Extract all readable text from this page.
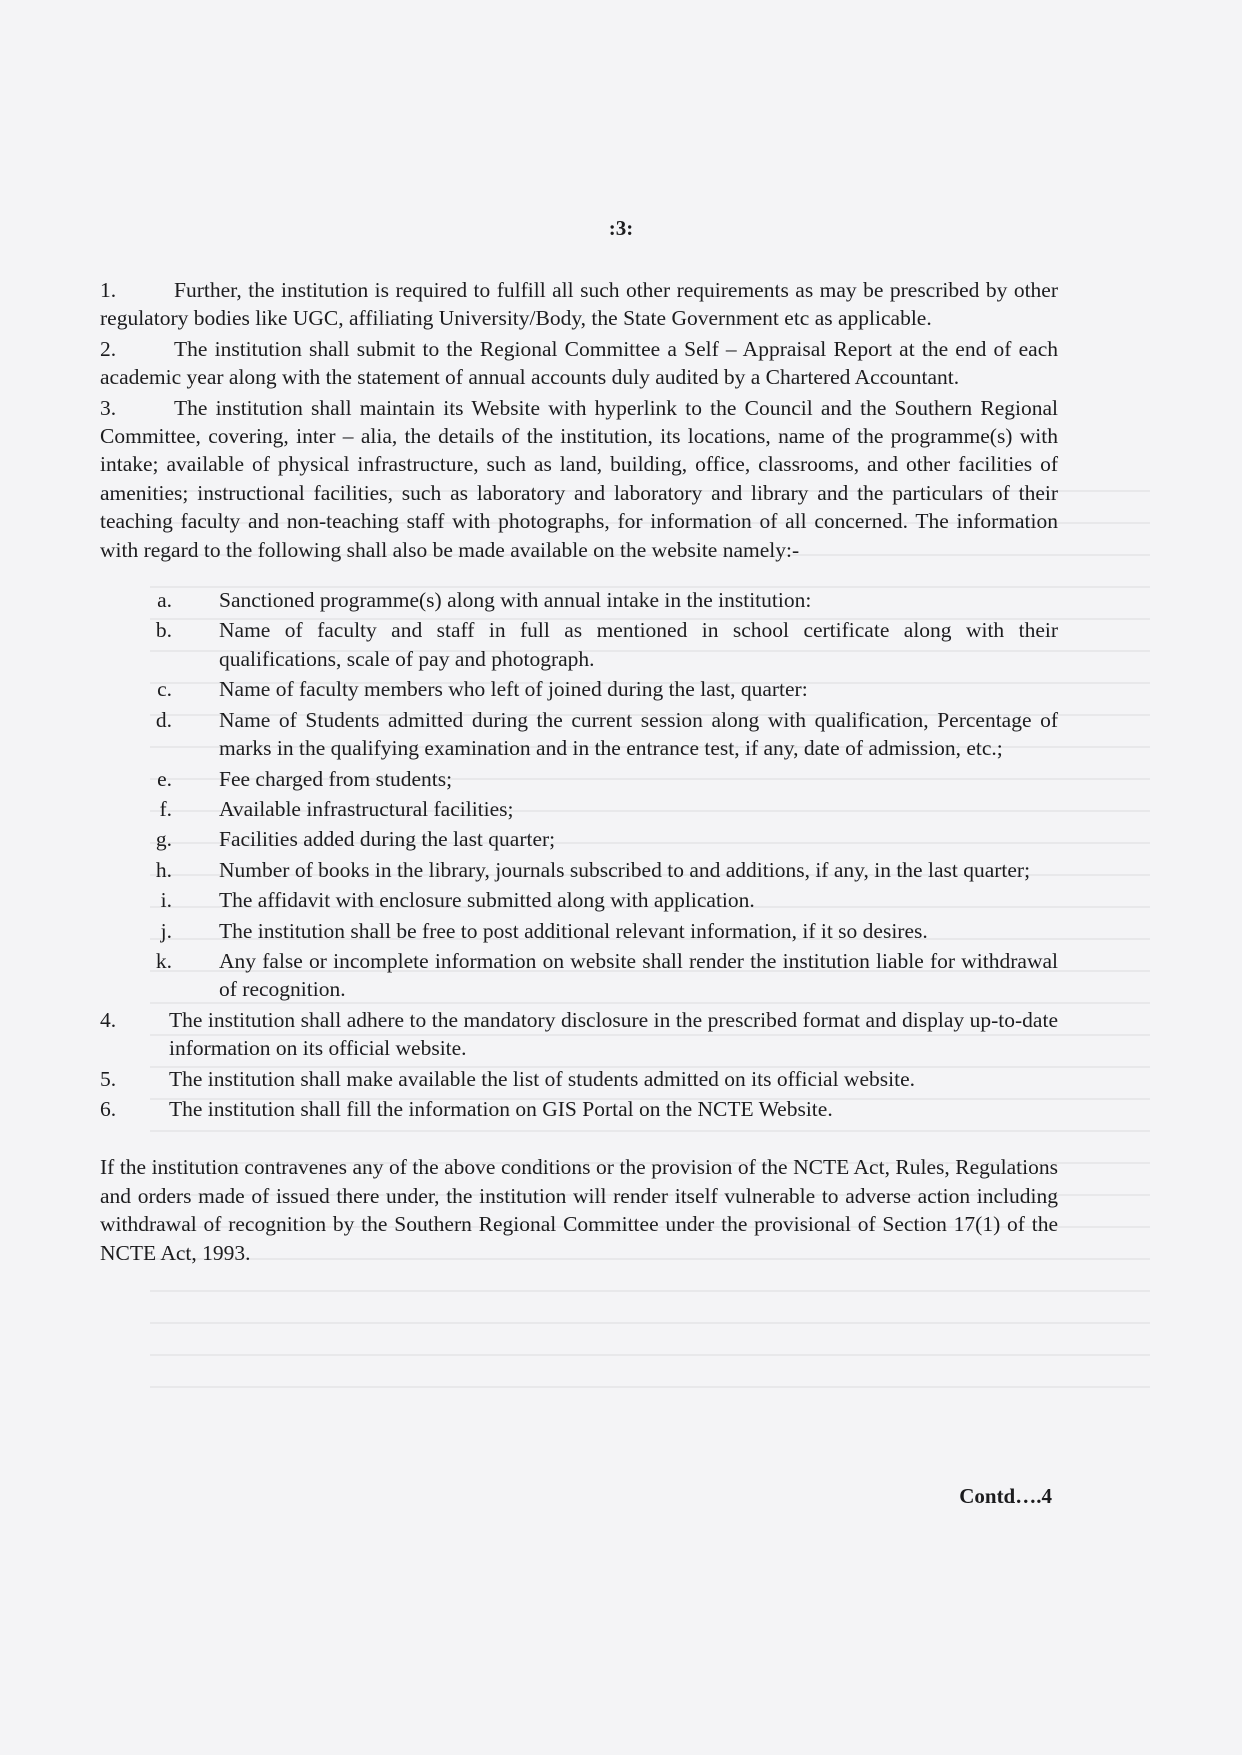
:3:

1.	Further, the institution is required to fulfill all such other requirements as may be prescribed by other regulatory bodies like UGC, affiliating University/Body, the State Government etc as applicable.

2.	The institution shall submit to the Regional Committee a Self – Appraisal Report at the end of each academic year along with the statement of annual accounts duly audited by a Chartered Accountant.

3.	The institution shall maintain its Website with hyperlink to the Council and the Southern Regional Committee, covering, inter – alia, the details of the institution, its locations, name of the programme(s) with intake; available of physical infrastructure, such as land, building, office, classrooms, and other facilities of amenities; instructional facilities, such as laboratory and laboratory and library and the particulars of their teaching faculty and non-teaching staff with photographs, for information of all concerned. The information with regard to the following shall also be made available on the website namely:-

a. Sanctioned programme(s) along with annual intake in the institution:
b. Name of faculty and staff in full as mentioned in school certificate along with their qualifications, scale of pay and photograph.
c. Name of faculty members who left of joined during the last, quarter:
d. Name of Students admitted during the current session along with qualification, Percentage of marks in the qualifying examination and in the entrance test, if any, date of admission, etc.;
e. Fee charged from students;
f. Available infrastructural facilities;
g. Facilities added during the last quarter;
h. Number of books in the library, journals subscribed to and additions, if any, in the last quarter;
i. The affidavit with enclosure submitted along with application.
j. The institution shall be free to post additional relevant information, if it so desires.
k. Any false or incomplete information on website shall render the institution liable for withdrawal of recognition.
4. The institution shall adhere to the mandatory disclosure in the prescribed format and display up-to-date information on its official website.
5. The institution shall make available the list of students admitted on its official website.
6. The institution shall fill the information on GIS Portal on the NCTE Website.

If the institution contravenes any of the above conditions or the provision of the NCTE Act, Rules, Regulations and orders made of issued there under, the institution will render itself vulnerable to adverse action including withdrawal of recognition by the Southern Regional Committee under the provisional of Section 17(1) of the NCTE Act, 1993.

Contd….4
